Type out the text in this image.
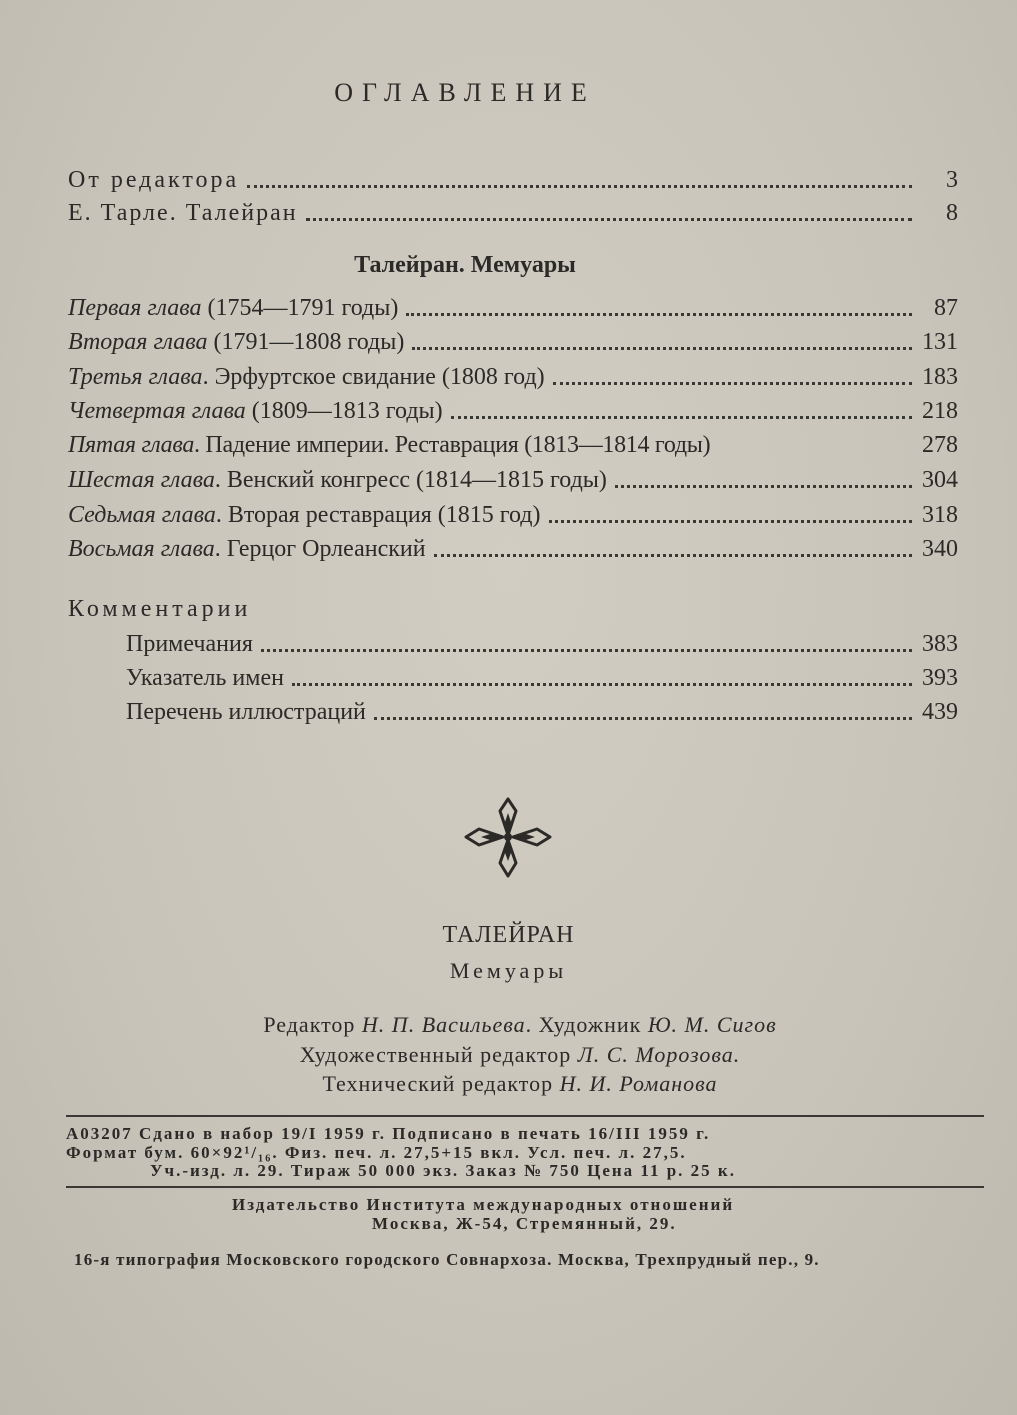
ОГЛАВЛЕНИЕ
От редактора	3
Е. Тарле. Талейран	8
Талейран. Мемуары
Первая глава (1754—1791 годы)	87
Вторая глава (1791—1808 годы)	131
Третья глава. Эрфуртское свидание (1808 год)	183
Четвертая глава (1809—1813 годы)	218
Пятая глава. Падение империи. Реставрация (1813—1814 годы)	278
Шестая глава. Венский конгресс (1814—1815 годы)	304
Седьмая глава. Вторая реставрация (1815 год)	318
Восьмая глава. Герцог Орлеанский	340
Комментарии
Примечания	383
Указатель имен	393
Перечень иллюстраций	439
ТАЛЕЙРАН
Мемуары
Редактор Н. П. Васильева. Художник Ю. М. Сигов
Художественный редактор Л. С. Морозова.
Технический редактор Н. И. Романова
А03207 Сдано в набор 19/I 1959 г. Подписано в печать 16/III 1959 г.
Формат бум. 60×92¹/₁₆. Физ. печ. л. 27,5+15 вкл. Усл. печ. л. 27,5.
Уч.-изд. л. 29. Тираж 50 000 экз. Заказ № 750 Цена 11 р. 25 к.
Издательство Института международных отношений
Москва, Ж-54, Стремянный, 29.
16-я типография Московского городского Совнархоза. Москва, Трехпрудный пер., 9.
